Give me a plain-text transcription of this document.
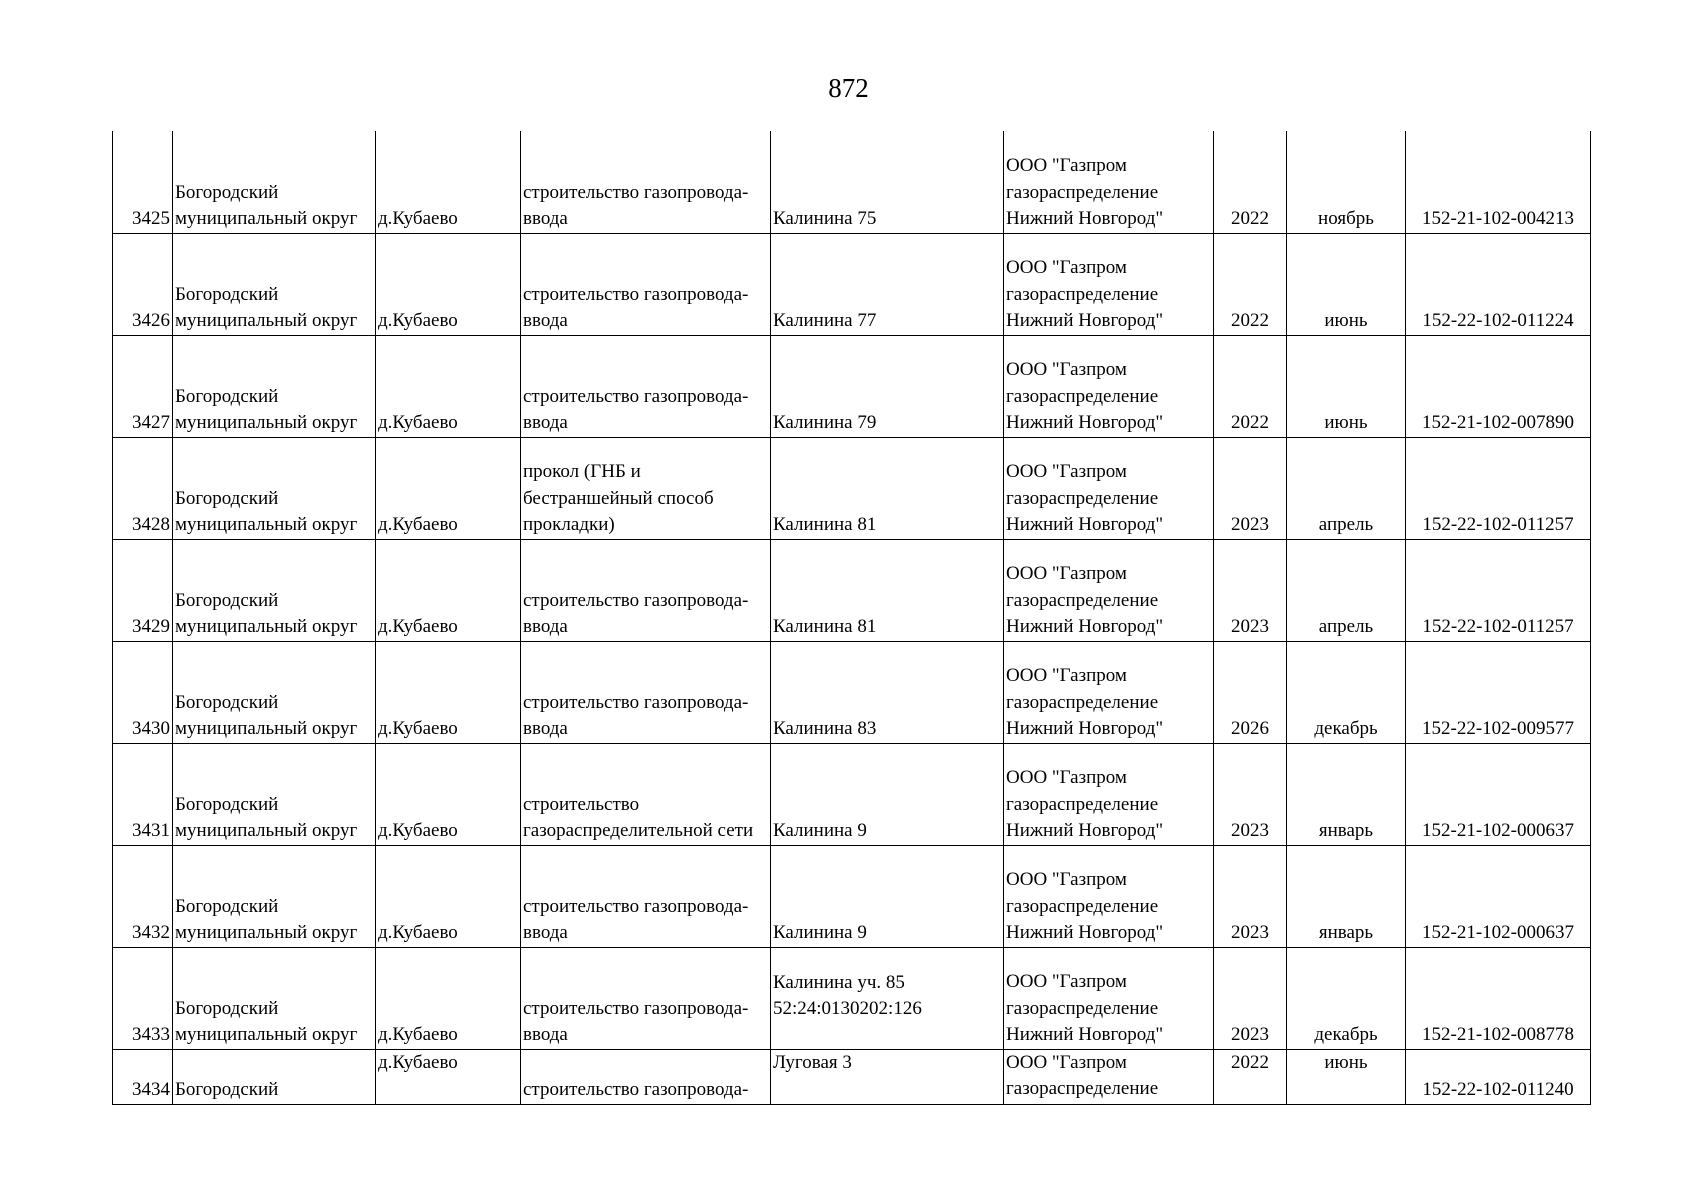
872
3425	Богородский
муниципальный округ	д.Кубаево	строительство газопровода-
ввода	Калинина 75	ООО "Газпром
газораспределение
Нижний Новгород"	2022	ноябрь	152-21-102-004213
3426	Богородский
муниципальный округ	д.Кубаево	строительство газопровода-
ввода	Калинина 77	ООО "Газпром
газораспределение
Нижний Новгород"	2022	июнь	152-22-102-011224
3427	Богородский
муниципальный округ	д.Кубаево	строительство газопровода-
ввода	Калинина 79	ООО "Газпром
газораспределение
Нижний Новгород"	2022	июнь	152-21-102-007890
3428	Богородский
муниципальный округ	д.Кубаево	прокол (ГНБ и
бестраншейный способ
прокладки)	Калинина 81	ООО "Газпром
газораспределение
Нижний Новгород"	2023	апрель	152-22-102-011257
3429	Богородский
муниципальный округ	д.Кубаево	строительство газопровода-
ввода	Калинина 81	ООО "Газпром
газораспределение
Нижний Новгород"	2023	апрель	152-22-102-011257
3430	Богородский
муниципальный округ	д.Кубаево	строительство газопровода-
ввода	Калинина 83	ООО "Газпром
газораспределение
Нижний Новгород"	2026	декабрь	152-22-102-009577
3431	Богородский
муниципальный округ	д.Кубаево	строительство
газораспределительной сети	Калинина 9	ООО "Газпром
газораспределение
Нижний Новгород"	2023	январь	152-21-102-000637
3432	Богородский
муниципальный округ	д.Кубаево	строительство газопровода-
ввода	Калинина 9	ООО "Газпром
газораспределение
Нижний Новгород"	2023	январь	152-21-102-000637
3433	Богородский
муниципальный округ	д.Кубаево	строительство газопровода-
ввода	Калинина уч. 85
52:24:0130202:126	ООО "Газпром
газораспределение
Нижний Новгород"	2023	декабрь	152-21-102-008778
3434	Богородский	д.Кубаево	строительство газопровода-	Луговая 3	ООО "Газпром
газораспределение	2022	июнь	152-22-102-011240
